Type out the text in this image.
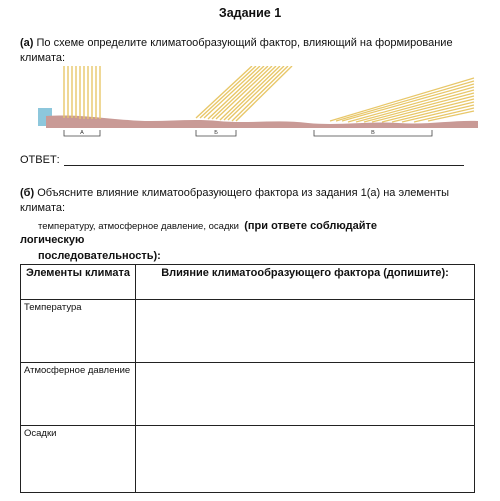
Задание 1
(а) По схеме определите климатообразующий фактор, влияющий на формирование климата:
А	Б	В
ОТВЕТ:
(б) Объясните влияние климатообразующего фактора из задания 1(а) на элементы климата:
температуру, атмосферное давление, осадки (при ответе соблюдайте
логическую
последовательность):
Элементы климата	Влияние климатообразующего фактора (допишите):
Температура	
Атмосферное давление	
Осадки	
